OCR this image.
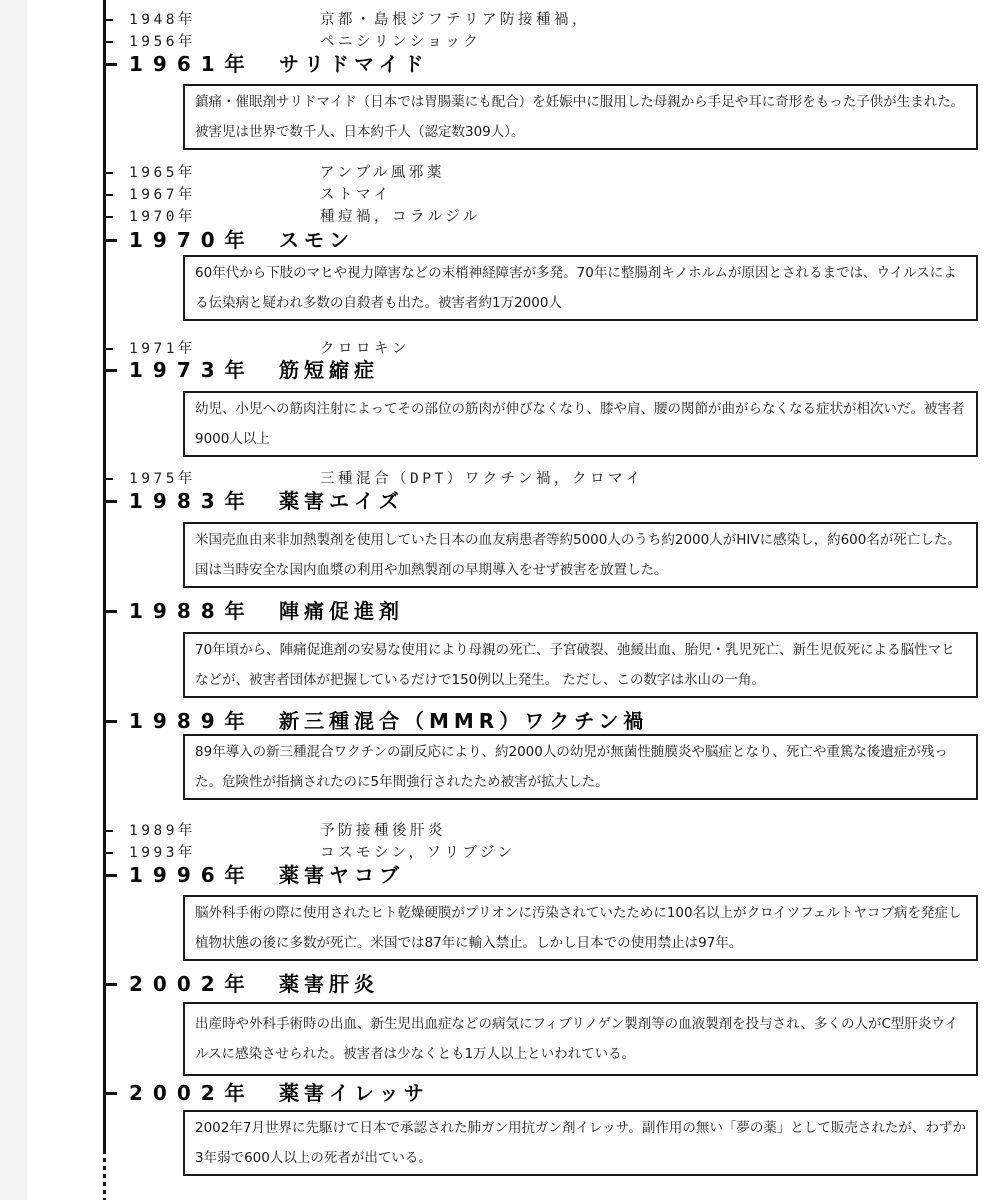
1948年	京都・島根ジフテリア防接種禍，
1956年	ペニシリンショック
1961年 サリドマイド
鎮痛・催眠剤サリドマイド（日本では胃腸薬にも配合）を妊娠中に服用した母親から手足や耳に奇形をもった子供が生まれた。被害児は世界で数千人、日本約千人（認定数309人）。
1965年	アンプル風邪薬
1967年	ストマイ
1970年	種痘禍，コラルジル
1970年 スモン
60年代から下肢のマヒや視力障害などの末梢神経障害が多発。70年に整腸剤キノホルムが原因とされるまでは、ウイルスによる伝染病と疑われ多数の自殺者も出た。被害者約1万2000人
1971年	クロロキン
1973年 筋短縮症
幼児、小児への筋肉注射によってその部位の筋肉が伸びなくなり、膝や肩、腰の関節が曲がらなくなる症状が相次いだ。被害者9000人以上
1975年	三種混合（DPT）ワクチン禍，クロマイ
1983年 薬害エイズ
米国売血由来非加熱製剤を使用していた日本の血友病患者等約5000人のうち約2000人がHIVに感染し，約600名が死亡した。国は当時安全な国内血漿の利用や加熱製剤の早期導入をせず被害を放置した。
1988年 陣痛促進剤
70年頃から、陣痛促進剤の安易な使用により母親の死亡、子宮破裂、弛緩出血、胎児・乳児死亡、新生児仮死による脳性マヒなどが、被害者団体が把握しているだけで150例以上発生。 ただし、この数字は氷山の一角。
1989年 新三種混合（MMR）ワクチン禍
89年導入の新三種混合ワクチンの副反応により、約2000人の幼児が無菌性髄膜炎や脳症となり、死亡や重篤な後遺症が残った。危険性が指摘されたのに5年間強行されたため被害が拡大した。
1989年	予防接種後肝炎
1993年	コスモシン，ソリブジン
1996年 薬害ヤコブ
脳外科手術の際に使用されたヒト乾燥硬膜がプリオンに汚染されていたために100名以上がクロイツフェルトヤコブ病を発症し植物状態の後に多数が死亡。米国では87年に輸入禁止。しかし日本での使用禁止は97年。
2002年 薬害肝炎
出産時や外科手術時の出血、新生児出血症などの病気にフィブリノゲン製剤等の血液製剤を投与され、多くの人がC型肝炎ウイルスに感染させられた。被害者は少なくとも1万人以上といわれている。
2002年 薬害イレッサ
2002年7月世界に先駆けて日本で承認された肺ガン用抗ガン剤イレッサ。副作用の無い「夢の薬」として販売されたが、わずか3年弱で600人以上の死者が出ている。
